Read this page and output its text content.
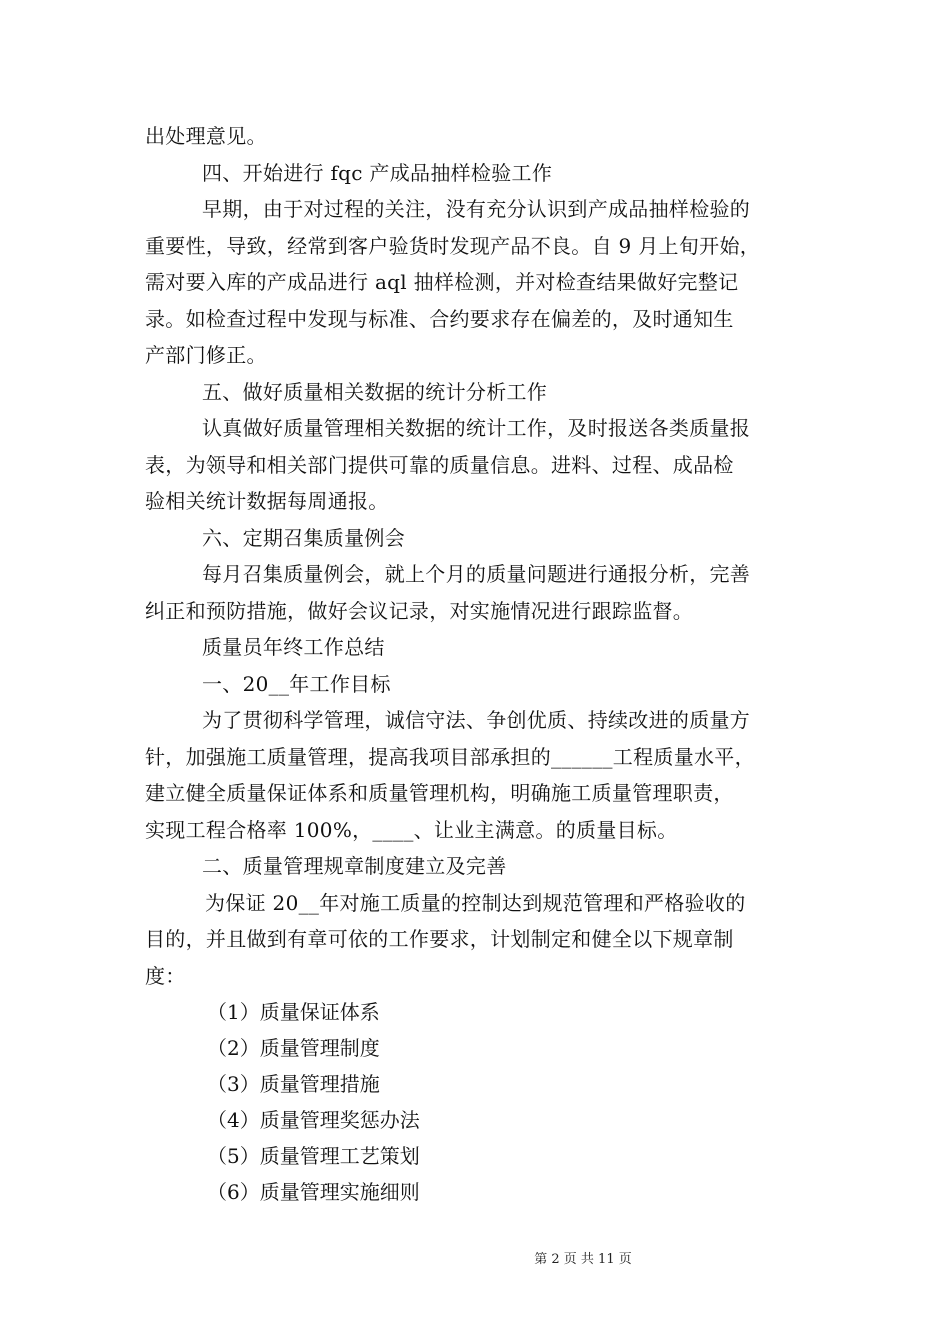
出处理意见。
四、开始进行 fqc 产成品抽样检验工作
早期，由于对过程的关注，没有充分认识到产成品抽样检验的
重要性，导致，经常到客户验货时发现产品不良。自 9 月上旬开始，
需对要入库的产成品进行 aql 抽样检测，并对检查结果做好完整记
录。如检查过程中发现与标准、合约要求存在偏差的，及时通知生
产部门修正。
五、做好质量相关数据的统计分析工作
认真做好质量管理相关数据的统计工作，及时报送各类质量报
表，为领导和相关部门提供可靠的质量信息。进料、过程、成品检
验相关统计数据每周通报。
六、定期召集质量例会
每月召集质量例会，就上个月的质量问题进行通报分析，完善
纠正和预防措施，做好会议记录，对实施情况进行跟踪监督。
质量员年终工作总结
一、20__年工作目标
为了贯彻科学管理，诚信守法、争创优质、持续改进的质量方
针，加强施工质量管理，提高我项目部承担的______工程质量水平，
建立健全质量保证体系和质量管理机构，明确施工质量管理职责，
实现工程合格率 100%，____、让业主满意。的质量目标。
二、质量管理规章制度建立及完善
为保证 20__年对施工质量的控制达到规范管理和严格验收的
目的，并且做到有章可依的工作要求，计划制定和健全以下规章制
度：
（1）质量保证体系
（2）质量管理制度
（3）质量管理措施
（4）质量管理奖惩办法
（5）质量管理工艺策划
（6）质量管理实施细则
第 2 页 共 11 页
